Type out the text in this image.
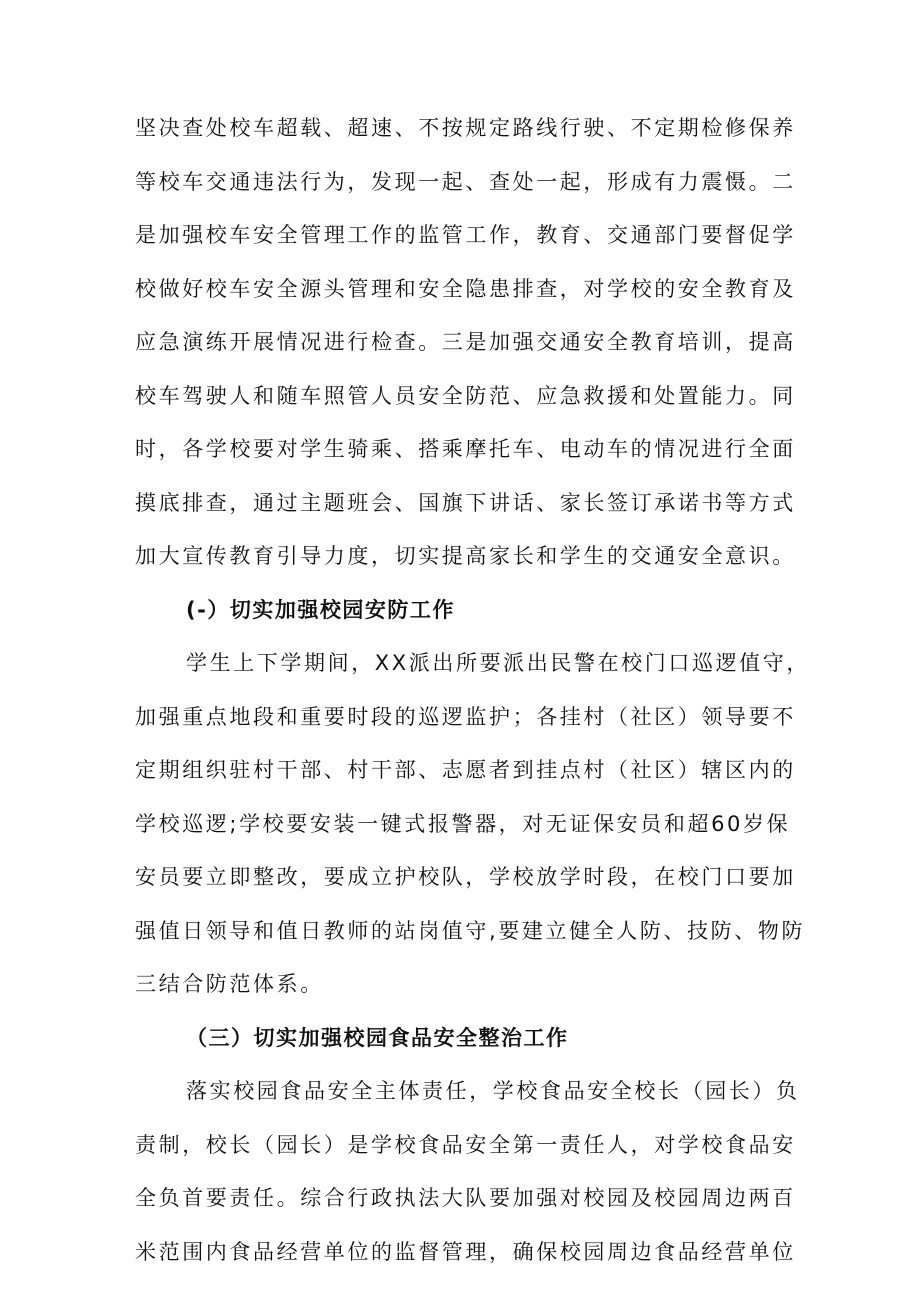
坚决查处校车超载、超速、不按规定路线行驶、不定期检修保养
等校车交通违法行为，发现一起、查处一起，形成有力震慑。二
是加强校车安全管理工作的监管工作，教育、交通部门要督促学
校做好校车安全源头管理和安全隐患排查，对学校的安全教育及
应急演练开展情况进行检查。三是加强交通安全教育培训，提高
校车驾驶人和随车照管人员安全防范、应急救援和处置能力。同
时，各学校要对学生骑乘、搭乘摩托车、电动车的情况进行全面
摸底排查，通过主题班会、国旗下讲话、家长签订承诺书等方式
加大宣传教育引导力度，切实提高家长和学生的交通安全意识。
(-）切实加强校园安防工作
学生上下学期间，XX派出所要派出民警在校门口巡逻值守，
加强重点地段和重要时段的巡逻监护；各挂村（社区）领导要不
定期组织驻村干部、村干部、志愿者到挂点村（社区）辖区内的
学校巡逻;学校要安装一键式报警器，对无证保安员和超60岁保
安员要立即整改，要成立护校队，学校放学时段，在校门口要加
强值日领导和值日教师的站岗值守,要建立健全人防、技防、物防
三结合防范体系。
（三）切实加强校园食品安全整治工作
落实校园食品安全主体责任，学校食品安全校长（园长）负
责制，校长（园长）是学校食品安全第一责任人，对学校食品安
全负首要责任。综合行政执法大队要加强对校园及校园周边两百
米范围内食品经营单位的监督管理，确保校园周边食品经营单位
